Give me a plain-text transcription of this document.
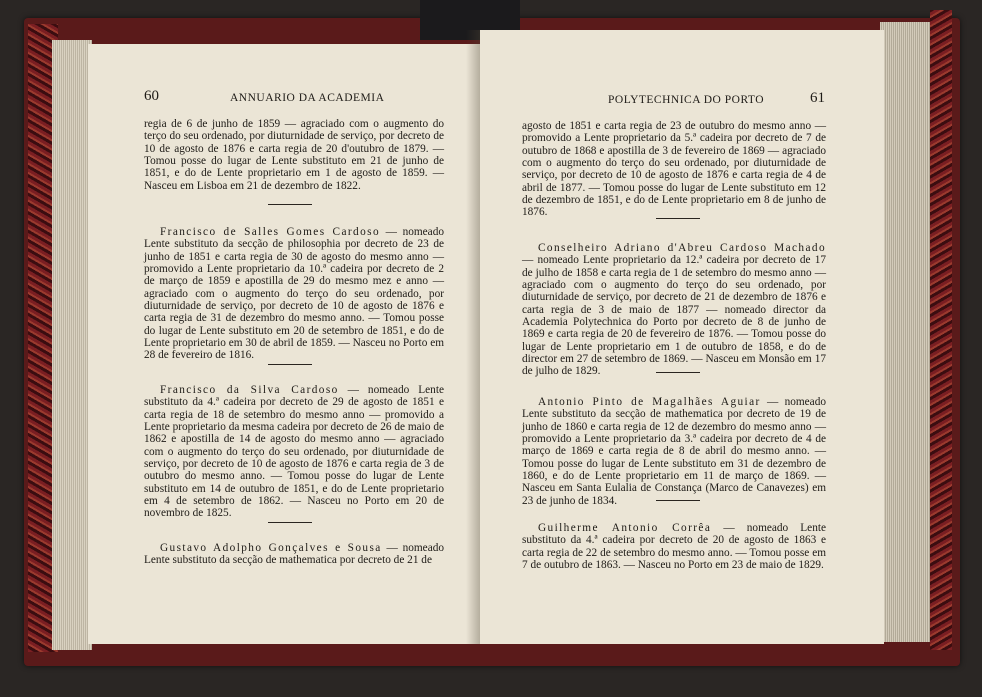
60	ANNUARIO DA ACADEMIA

regia de 6 de junho de 1859 — agraciado com o augmento do terço do seu ordenado, por diuturnidade de serviço, por decreto de 10 de agosto de 1876 e carta regia de 20 d'outubro de 1879. —Tomou posse do lugar de Lente substituto em 21 de junho de 1851, e do de Lente proprietario em 1 de agosto de 1859. —Nasceu em Lisboa em 21 de dezembro de 1822.

Francisco de Salles Gomes Cardoso — nomeado Lente substituto da secção de philosophia por decreto de 23 de junho de 1851 e carta regia de 30 de agosto do mesmo anno — promovido a Lente proprietario da 10.ª cadeira por decreto de 2 de março de 1859 e apostilla de 29 do mesmo mez e anno — agraciado com o augmento do terço do seu ordenado, por diuturnidade de serviço, por decreto de 10 de agosto de 1876 e carta regia de 31 de dezembro do mesmo anno. — Tomou posse do lugar de Lente substituto em 20 de setembro de 1851, e do de Lente proprietario em 30 de abril de 1859. — Nasceu no Porto em 28 de fevereiro de 1816.

Francisco da Silva Cardoso — nomeado Lente substituto da 4.ª cadeira por decreto de 29 de agosto de 1851 e carta regia de 18 de setembro do mesmo anno — promovido a Lente proprietario da mesma cadeira por decreto de 26 de maio de 1862 e apostilla de 14 de agosto do mesmo anno — agraciado com o augmento do terço do seu ordenado, por diuturnidade de serviço, por decreto de 10 de agosto de 1876 e carta regia de 3 de outubro do mesmo anno. — Tomou posse do lugar de Lente substituto em 14 de outubro de 1851, e do de Lente proprietario em 4 de setembro de 1862. — Nasceu no Porto em 20 de novembro de 1825.

Gustavo Adolpho Gonçalves e Sousa — nomeado Lente substituto da secção de mathematica por decreto de 21 de

POLYTECHNICA DO PORTO	61

agosto de 1851 e carta regia de 23 de outubro do mesmo anno — promovido a Lente proprietario da 5.ª cadeira por decreto de 7 de outubro de 1868 e apostilla de 3 de fevereiro de 1869 — agraciado com o augmento do terço do seu ordenado, por diuturnidade de serviço, por decreto de 10 de agosto de 1876 e carta regia de 4 de abril de 1877. — Tomou posse do lugar de Lente substituto em 12 de dezembro de 1851, e do de Lente proprietario em 8 de junho de 1876.

Conselheiro Adriano d'Abreu Cardoso Machado — nomeado Lente proprietario da 12.ª cadeira por decreto de 17 de julho de 1858 e carta regia de 1 de setembro do mesmo anno — agraciado com o augmento do terço do seu ordenado, por diuturnidade de serviço, por decreto de 21 de dezembro de 1876 e carta regia de 3 de maio de 1877 — nomeado director da Academia Polytechnica do Porto por decreto de 8 de junho de 1869 e carta regia de 20 de fevereiro de 1876. — Tomou posse do lugar de Lente proprietario em 1 de outubro de 1858, e do de director em 27 de setembro de 1869. — Nasceu em Monsão em 17 de julho de 1829.

Antonio Pinto de Magalhães Aguiar — nomeado Lente substituto da secção de mathematica por decreto de 19 de junho de 1860 e carta regia de 12 de dezembro do mesmo anno — promovido a Lente proprietario da 3.ª cadeira por decreto de 4 de março de 1869 e carta regia de 8 de abril do mesmo anno. — Tomou posse do lugar de Lente substituto em 31 de dezembro de 1860, e do de Lente proprietario em 11 de março de 1869. — Nasceu em Santa Eulalia de Constança (Marco de Canavezes) em 23 de junho de 1834.

Guilherme Antonio Corrêa — nomeado Lente substituto da 4.ª cadeira por decreto de 20 de agosto de 1863 e carta regia de 22 de setembro do mesmo anno. — Tomou posse em 7 de outubro de 1863. — Nasceu no Porto em 23 de maio de 1829.
